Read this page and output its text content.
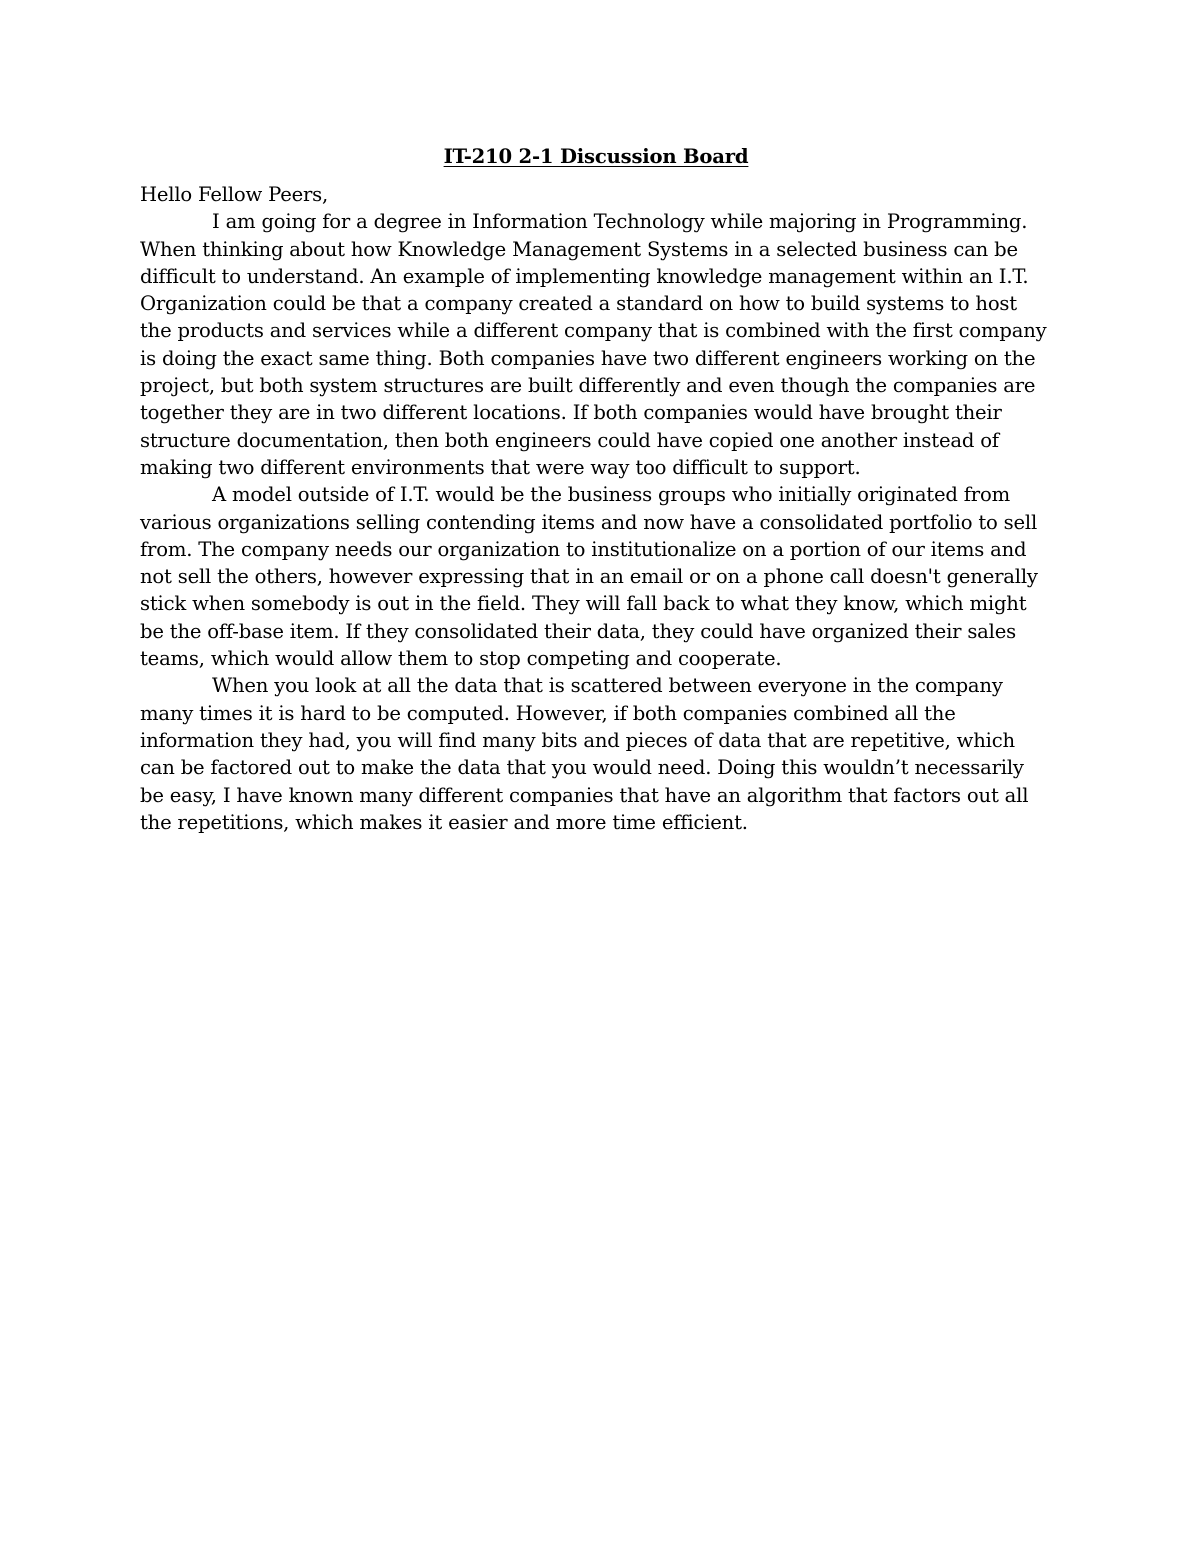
IT-210 2-1 Discussion Board

Hello Fellow Peers,

I am going for a degree in Information Technology while majoring in Programming. When thinking about how Knowledge Management Systems in a selected business can be difficult to understand. An example of implementing knowledge management within an I.T. Organization could be that a company created a standard on how to build systems to host the products and services while a different company that is combined with the first company is doing the exact same thing. Both companies have two different engineers working on the project, but both system structures are built differently and even though the companies are together they are in two different locations. If both companies would have brought their structure documentation, then both engineers could have copied one another instead of making two different environments that were way too difficult to support.

A model outside of I.T. would be the business groups who initially originated from various organizations selling contending items and now have a consolidated portfolio to sell from. The company needs our organization to institutionalize on a portion of our items and not sell the others, however expressing that in an email or on a phone call doesn't generally stick when somebody is out in the field. They will fall back to what they know, which might be the off-base item. If they consolidated their data, they could have organized their sales teams, which would allow them to stop competing and cooperate.

When you look at all the data that is scattered between everyone in the company many times it is hard to be computed. However, if both companies combined all the information they had, you will find many bits and pieces of data that are repetitive, which can be factored out to make the data that you would need. Doing this wouldn’t necessarily be easy, I have known many different companies that have an algorithm that factors out all the repetitions, which makes it easier and more time efficient.
